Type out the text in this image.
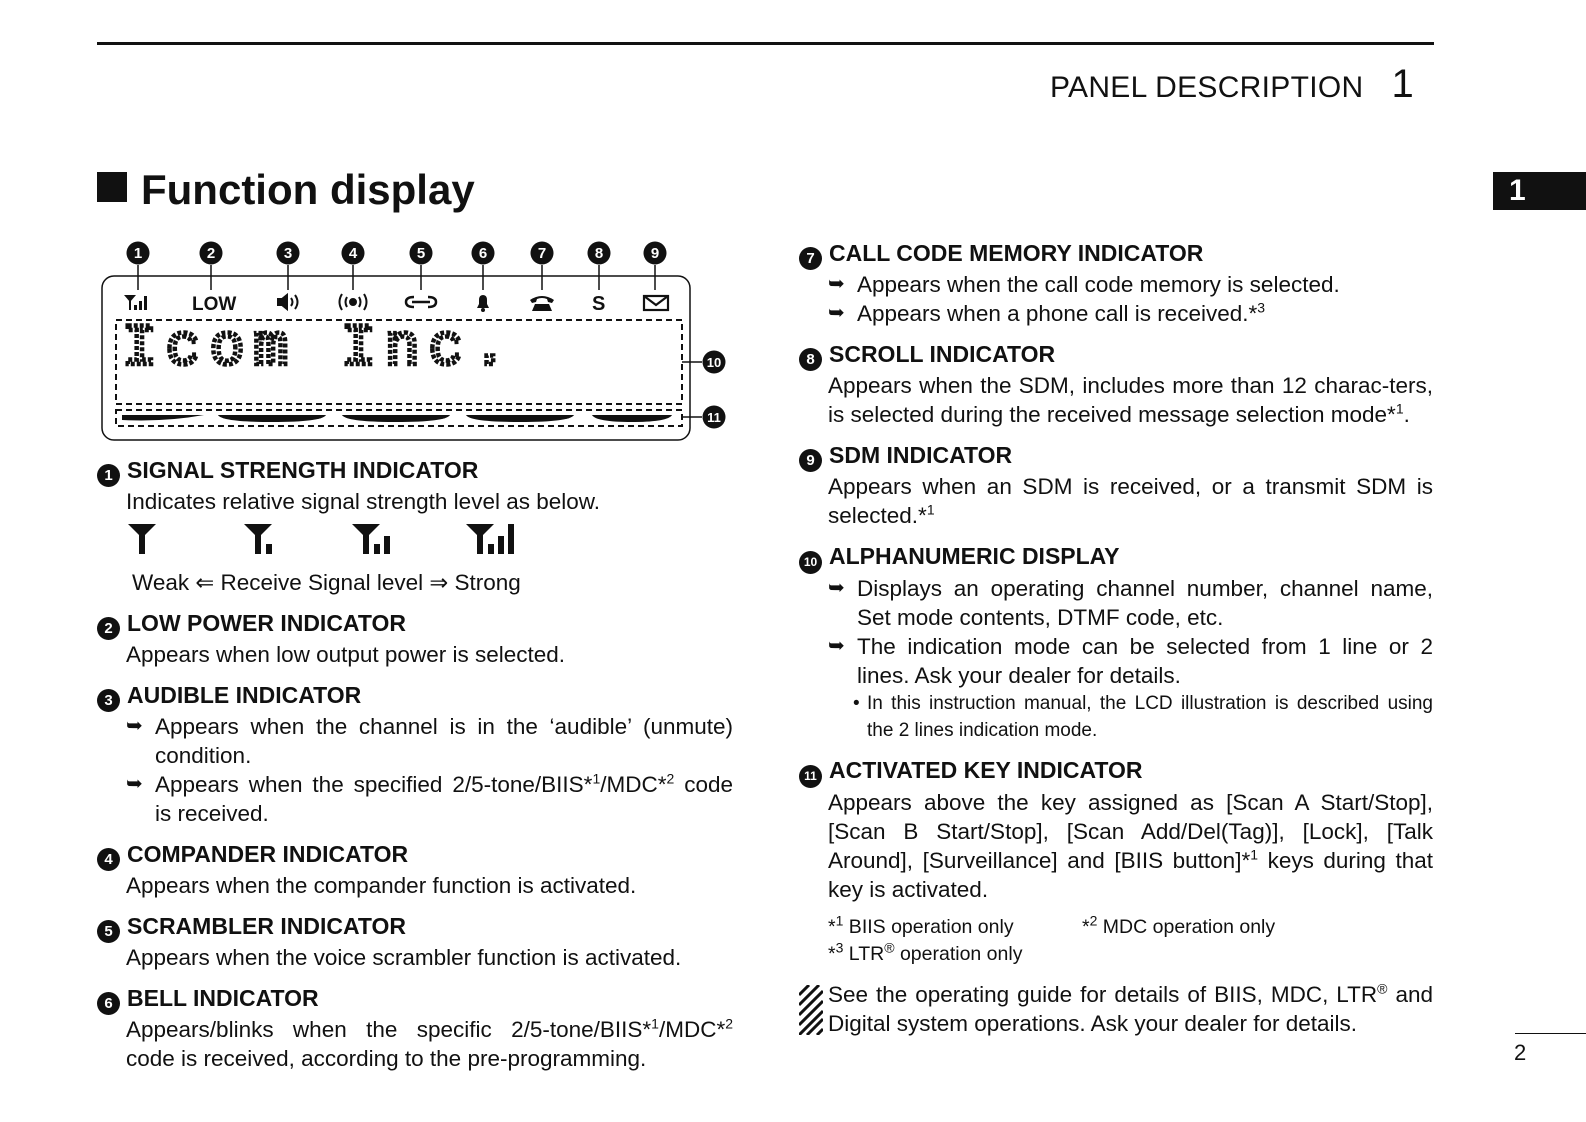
PANEL DESCRIPTION 1
1
Function display
1	2	3	4	5	6	7	8	9
LOW	S
Icom Inc.	10
11
1 SIGNAL STRENGTH INDICATOR
Indicates relative signal strength level as below.
Weak ⇐ Receive Signal level ⇒ Strong
2 LOW POWER INDICATOR
Appears when low output power is selected.
3 AUDIBLE INDICATOR
➥ Appears when the channel is in the ‘audible’ (unmute) condition.
➥ Appears when the specified 2/5-tone/BIIS*$^1$/MDC*$^2$ code is received.
4 COMPANDER INDICATOR
Appears when the compander function is activated.
5 SCRAMBLER INDICATOR
Appears when the voice scrambler function is activated.
6 BELL INDICATOR
Appears/blinks when the specific 2/5-tone/BIIS*$^1$/MDC*$^2$ code is received, according to the pre-programming.
7 CALL CODE MEMORY INDICATOR
➥ Appears when the call code memory is selected.
➥ Appears when a phone call is received.*$^3$
8 SCROLL INDICATOR
Appears when the SDM, includes more than 12 charac-ters, is selected during the received message selection mode*$^1$.
9 SDM INDICATOR
Appears when an SDM is received, or a transmit SDM is selected.*$^1$
10 ALPHANUMERIC DISPLAY
➥ Displays an operating channel number, channel name, Set mode contents, DTMF code, etc.
➥ The indication mode can be selected from 1 line or 2 lines. Ask your dealer for details.
• In this instruction manual, the LCD illustration is described using the 2 lines indication mode.
11 ACTIVATED KEY INDICATOR
Appears above the key assigned as [Scan A Start/Stop], [Scan B Start/Stop], [Scan Add/Del(Tag)], [Lock], [Talk Around], [Surveillance] and [BIIS button]*$^1$ keys during that key is activated.
*$^1$ BIIS operation only	*$^2$ MDC operation only
*$^3$ LTR® operation only
See the operating guide for details of BIIS, MDC, LTR® and Digital system operations. Ask your dealer for details.
2
